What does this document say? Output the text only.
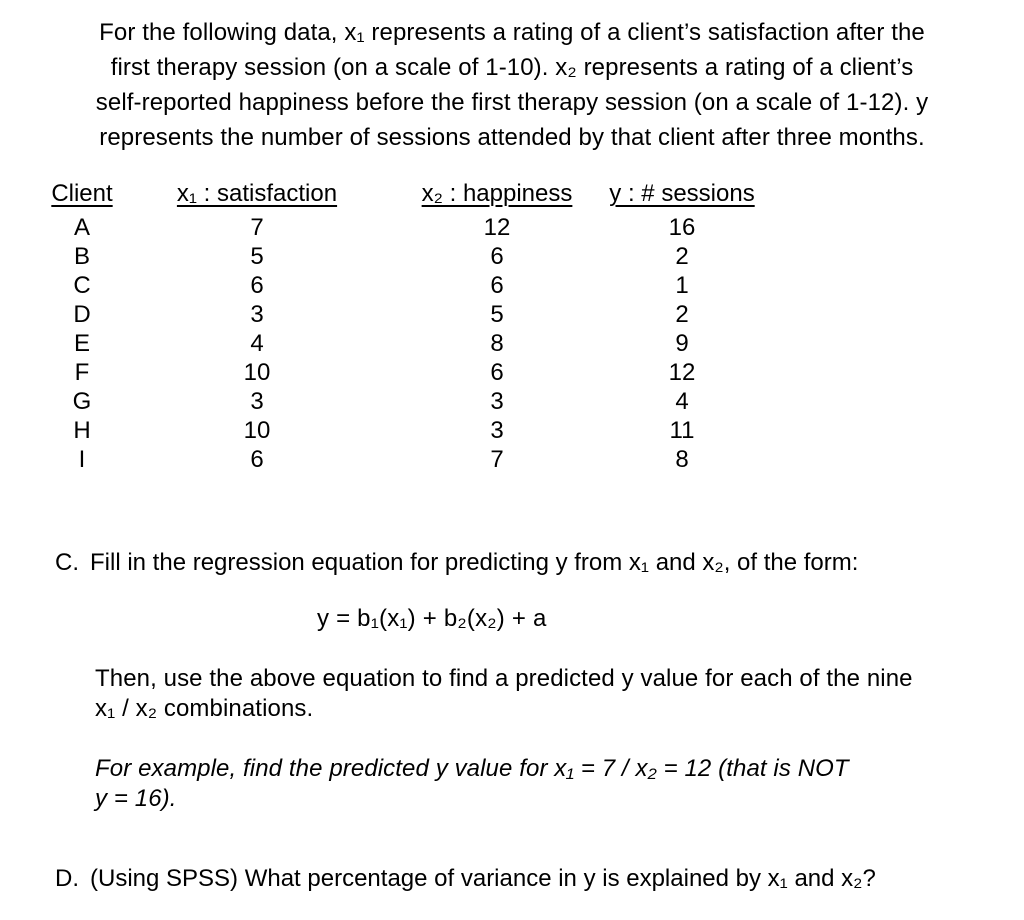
For the following data, x₁ represents a rating of a client’s satisfaction after the
first therapy session (on a scale of 1-10). x₂ represents a rating of a client’s
self-reported happiness before the first therapy session (on a scale of 1-12). y
represents the number of sessions attended by that client after three months.
Client	x₁ : satisfaction	x₂ : happiness	y : # sessions
A	7	12	16
B	5	6	2
C	6	6	1
D	3	5	2
E	4	8	9
F	10	6	12
G	3	3	4
H	10	3	11
I	6	7	8
C. Fill in the regression equation for predicting y from x₁ and x₂, of the form:
y = b₁(x₁) + b₂(x₂) + a
Then, use the above equation to find a predicted y value for each of the nine
x₁ / x₂ combinations.
For example, find the predicted y value for x₁ = 7 / x₂ = 12 (that is NOT
y = 16).
D. (Using SPSS) What percentage of variance in y is explained by x₁ and x₂?
